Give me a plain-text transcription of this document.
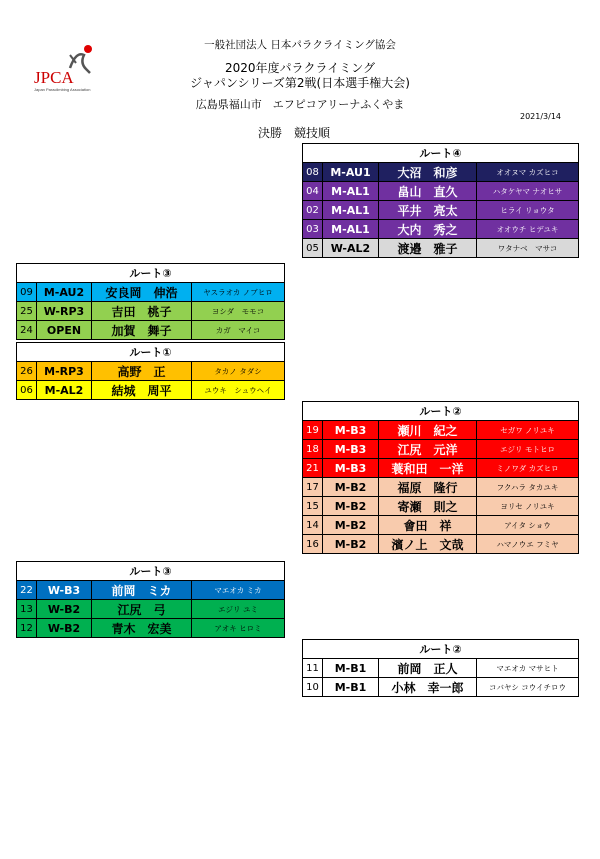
JPCA
Japan Paraclimbing Association
一般社団法人 日本パラクライミング協会
2020年度パラクライミング
ジャパンシリーズ第2戦(日本選手権大会)
広島県福山市　エフピコアリーナふくやま
2021/3/14
決勝　競技順
ルート④			
08	M-AU1	大沼　和彦	オオヌマ カズヒコ
04	M-AL1	畠山　直久	ハタケヤマ ナオヒサ
02	M-AL1	平井　亮太	ヒライ リョウタ
03	M-AL1	大内　秀之	オオウチ ヒデユキ
05	W-AL2	渡邉　雅子	ワタナベ　マサコ
ルート③			
09	M-AU2	安良岡　伸浩	ヤスラオカ ノブヒロ
25	W-RP3	吉田　桃子	ヨシダ　モモコ
24	OPEN	加賀　舞子	カガ　マイコ
ルート①			
26	M-RP3	高野　正	タカノ タダシ
06	M-AL2	結城　周平	ユウキ　シュウヘイ
ルート②			
19	M-B3	瀬川　紀之	セガワ ノリユキ
18	M-B3	江尻　元洋	エジリ モトヒロ
21	M-B3	蓑和田　一洋	ミノワダ カズヒロ
17	M-B2	福原　隆行	フクハラ タカユキ
15	M-B2	寄瀬　則之	ヨリセ ノリユキ
14	M-B2	會田　祥	アイタ ショウ
16	M-B2	濱ノ上　文哉	ハマノウエ フミヤ
ルート③			
22	W-B3	前岡　ミカ	マエオカ ミカ
13	W-B2	江尻　弓	エジリ ユミ
12	W-B2	青木　宏美	アオキ ヒロミ
ルート②			
11	M-B1	前岡　正人	マエオカ マサヒト
10	M-B1	小林　幸一郎	コバヤシ コウイチロウ
